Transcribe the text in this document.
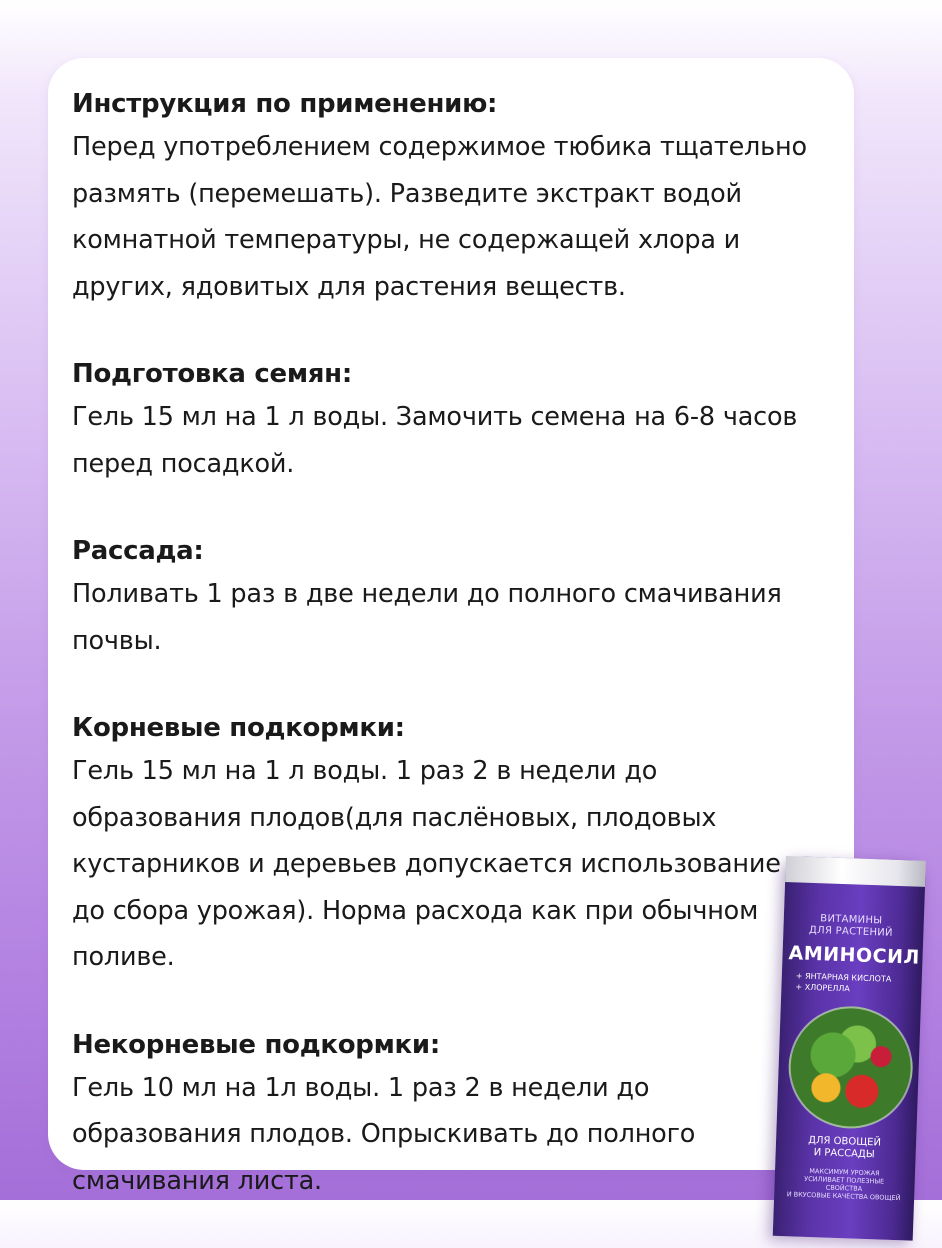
Инструкция по применению:

Перед употреблением содержимое тюбика тщательно

размять (перемешать). Разведите экстракт водой

комнатной температуры, не содержащей хлора и

других, ядовитых для растения веществ.

Подготовка семян:

Гель 15 мл на 1 л воды. Замочить семена на 6-8 часов

перед посадкой.

Рассада:

Поливать 1 раз в две недели до полного смачивания

почвы.

Корневые подкормки:

Гель 15 мл на 1 л воды. 1 раз 2 в недели до

образования плодов(для паслёновых, плодовых

кустарников и деревьев допускается использование

до сбора урожая). Норма расхода как при обычном

поливе.

Некорневые подкормки:

Гель 10 мл на 1л воды. 1 раз 2 в недели до

образования плодов. Опрыскивать до полного

смачивания листа.

ВИТАМИНЫ
ДЛЯ РАСТЕНИЙ
АМИНОСИЛ
+ ЯНТАРНАЯ КИСЛОТА
+ ХЛОРЕЛЛА
ДЛЯ ОВОЩЕЙ
И РАССАДЫ
МАКСИМУМ УРОЖАЯ
УСИЛИВАЕТ ПОЛЕЗНЫЕ СВОЙСТВА
И ВКУСОВЫЕ КАЧЕСТВА ОВОЩЕЙ
